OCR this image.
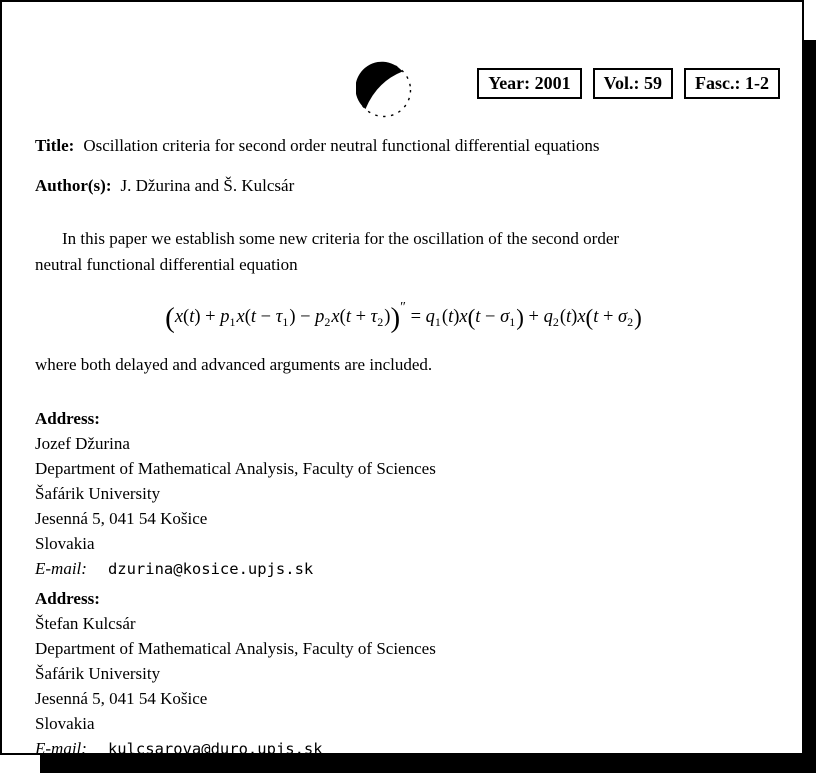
Year: 2001	Vol.: 59	Fasc.: 1-2

Title: Oscillation criteria for second order neutral functional differential equations

Author(s): J. Džurina and Š. Kulcsár

In this paper we establish some new criteria for the oscillation of the second order
neutral functional differential equation
$(x(t) + p_1x(t - \tau_1) - p_2x(t + \tau_2))'' = q_1(t)x(t - \sigma_1) + q_2(t)x(t + \sigma_2)$
where both delayed and advanced arguments are included.
Address:
Jozef Džurina
Department of Mathematical Analysis, Faculty of Sciences
Šafárik University
Jesenná 5, 041 54 Košice
Slovakia
E-mail: dzurina@kosice.upjs.sk
Address:
Štefan Kulcsár
Department of Mathematical Analysis, Faculty of Sciences
Šafárik University
Jesenná 5, 041 54 Košice
Slovakia
E-mail: kulcsarova@duro.upjs.sk
